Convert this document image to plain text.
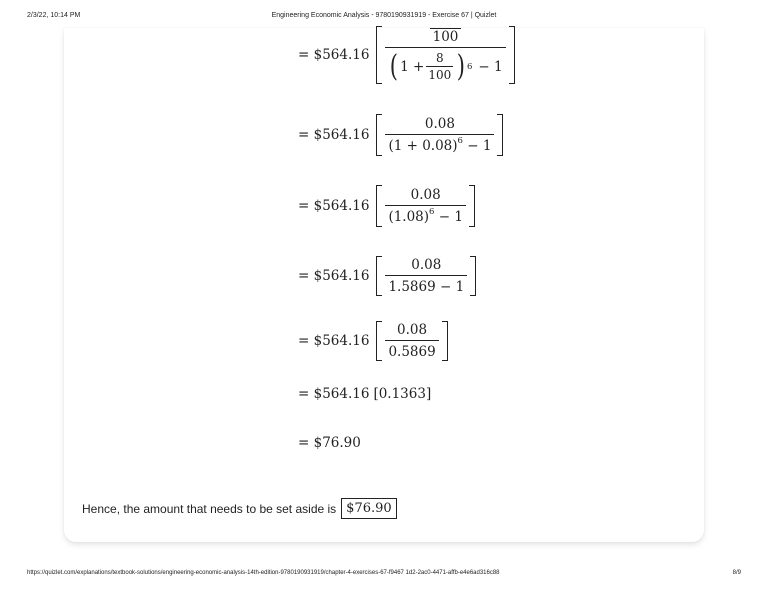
2/3/22, 10:14 PM	Engineering Economic Analysis - 9780190931919 - Exercise 67 | Quizlet
= $564.16
100
( $1 + \frac{8}{100}$ ) 6 − 1
= $564.16 $\frac{0.08}{(1 + 0.08)^6 - 1}$
= $564.16 $\frac{0.08}{(1.08)^6 - 1}$
= $564.16 $\frac{0.08}{1.5869 - 1}$
= $564.16 $\frac{0.08}{0.5869}$
= $564.16 [0.1363]
= $76.90
Hence, the amount that needs to be set aside is $76.90
https://quizlet.com/explanations/textbook-solutions/engineering-economic-analysis-14th-edition-9780190931919/chapter-4-exercises-67-f9467 1d2-2ac0-4471-affb-e4e6ad316c88	8/9
